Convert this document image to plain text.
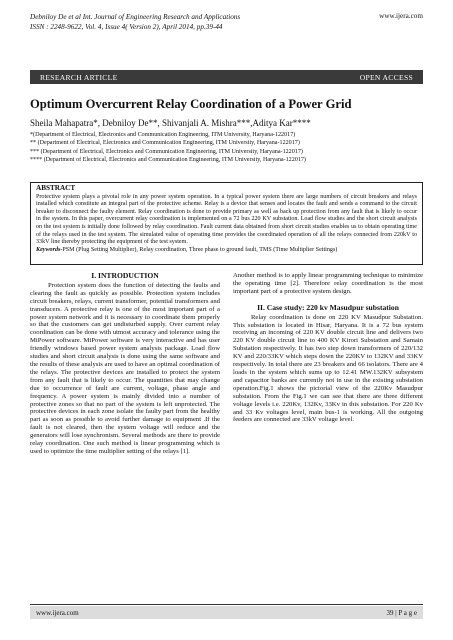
Debniloy De et al Int. Journal of Engineering Research and Applications
ISSN : 2248-9622, Vol. 4, Issue 4( Version 2), April 2014, pp.39-44
www.ijera.com
RESEARCH ARTICLE	OPEN ACCESS
Optimum Overcurrent Relay Coordination of a Power Grid
Sheila Mahapatra*, Debniloy De**, Shivanjali A. Mishra***,Aditya Kar****
*(Department of Electrical, Electronics and Communication Engineering, ITM University, Haryana-122017)
** (Department of Electrical, Electronics and Communication Engineering, ITM University, Haryana-122017)
*** (Department of Electrical, Electronics and Communication Engineering, ITM University, Haryana-122017)
**** (Department of Electrical, Electronics and Communication Engineering, ITM University, Haryana-122017)
ABSTRACT

Protective system plays a pivotal role in any power system operation. In a typical power system there are large numbers of circuit breakers and relays installed which constitute an integral part of the protective scheme. Relay is a device that senses and locates the fault and sends a command to the circuit breaker to disconnect the faulty element. Relay coordination is done to provide primary as well as back up protection from any fault that is likely to occur in the system. In this paper, overcurrent relay coordination is implemented on a 72 bus 220 KV substation. Load flow studies and the short circuit analysis on the test system is initially done followed by relay coordination. Fault current data obtained from short circuit studies enables us to obtain operating time of the relays used in the test system. The simulated value of operating time provides the coordinated operation of all the relays connected from 220kV to 33kV line thereby protecting the equipment of the test system.

Keywords-PSM (Plug Setting Multiplier), Relay coordination, Three phase to ground fault, TMS (Time Multiplier Settings)

I. INTRODUCTION

Protection system does the function of detecting the faults and clearing the fault as quickly as possible. Protection system includes circuit breakers, relays, current transformer, potential transformers and transducers. A protective relay is one of the most important part of a power system network and it is necessary to coordinate them properly so that the customers can get undisturbed supply. Over current relay coordination can be done with utmost accuracy and tolerance using the MiPower software. MiPower software is very interactive and has user friendly windows based power system analysis package. Load flow studies and short circuit analysis is done using the same software and the results of these analysis are used to have an optimal coordination of the relays. The protective devices are installed to protect the system from any fault that is likely to occur. The quantities that may change due to occurrence of fault are current, voltage, phase angle and frequency. A power system is mainly divided into a number of protective zones so that no part of the system is left unprotected. The protective devices in each zone isolate the faulty part from the healthy part as soon as possible to avoid further damage to equipment .If the fault is not cleared, then the system voltage will reduce and the generators will lose synchronism. Several methods are there to provide relay coordination. One such method is linear programming which is used to optimize the time multiplier setting of the relays [1].

Another method is to apply linear programming technique to minimize the operating time [2]. Therefore relay coordination is the most important part of a protective system design.

II. Case study: 220 kv Masudpur substation

Relay coordination is done on 220 KV Masudpur Substation. This substation is located in Hisar, Haryana. It is a 72 bus system receiving an incoming of 220 KV double circuit line and delivers two 220 KV double circuit line to 400 KV Kirori Substation and Samain Substation respectively. It has two step down transformers of 220/132 KV and 220/33KV which steps down the 220KV to 132KV and 33KV respectively. In total there are 23 breakers and 66 isolators. There are 4 loads in the system which sums up to 12.41 MW.132KV subsystem and capacitor banks are currently not in use in the existing substation operation.Fig.1 shows the pictorial view of the 220Kv Masudpur substation. From the Fig.1 we can see that there are three different voltage levels i.e. 220Kv, 132Kv, 33Kv in this substation. For 220 Kv and 33 Kv voltages level, main bus-1 is working. All the outgoing feeders are connected are 33kV voltage level.

www.ijera.com	39 | P a g e
